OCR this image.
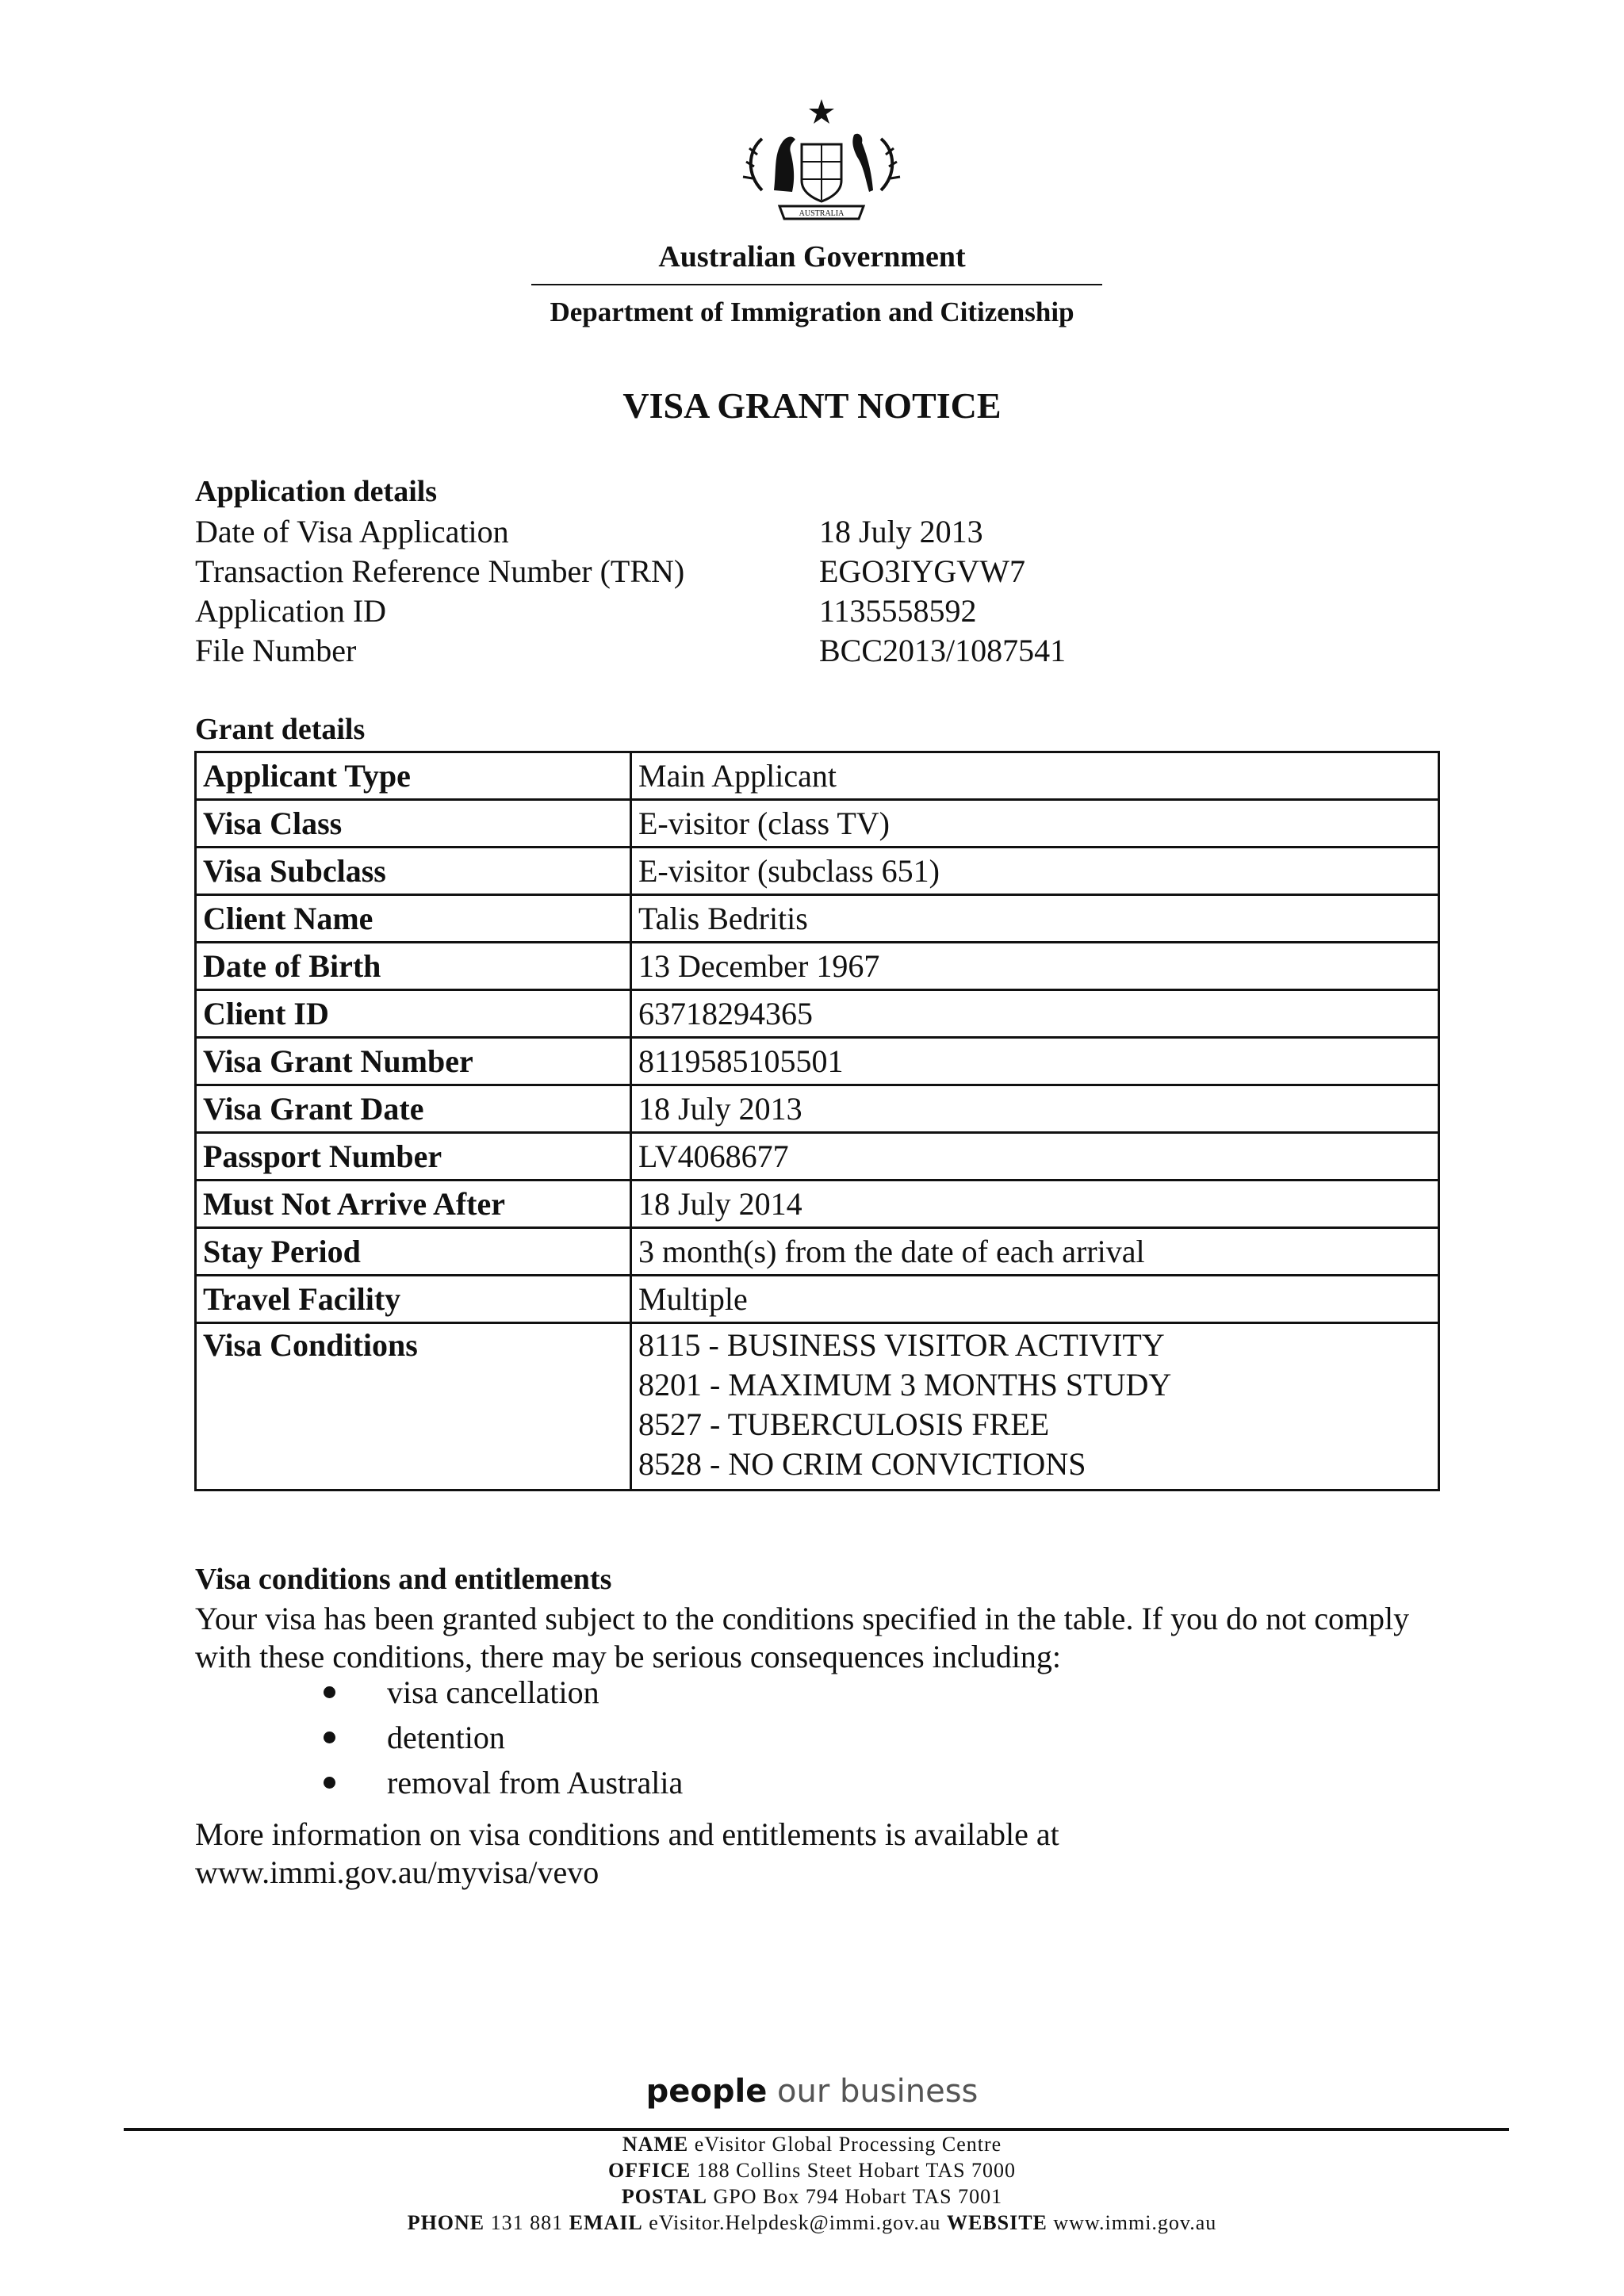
AUSTRALIA
Australian Government
Department of Immigration and Citizenship
VISA GRANT NOTICE
Application details
Date of Visa Application	18 July 2013
Transaction Reference Number (TRN)	EGO3IYGVW7
Application ID	1135558592
File Number	BCC2013/1087541
Grant details
Applicant Type	Main Applicant
Visa Class	E-visitor (class TV)
Visa Subclass	E-visitor (subclass 651)
Client Name	Talis Bedritis
Date of Birth	13 December 1967
Client ID	63718294365
Visa Grant Number	8119585105501
Visa Grant Date	18 July 2013
Passport Number	LV4068677
Must Not Arrive After	18 July 2014
Stay Period	3 month(s) from the date of each arrival
Travel Facility	Multiple
Visa Conditions	8115 - BUSINESS VISITOR ACTIVITY
8201 - MAXIMUM 3 MONTHS STUDY
8527 - TUBERCULOSIS FREE
8528 - NO CRIM CONVICTIONS
Visa conditions and entitlements
Your visa has been granted subject to the conditions specified in the table. If you do not comply
with these conditions, there may be serious consequences including:
visa cancellation
detention
removal from Australia
More information on visa conditions and entitlements is available at
www.immi.gov.au/myvisa/vevo
people our business
NAME eVisitor Global Processing Centre
OFFICE 188 Collins Steet Hobart TAS 7000
POSTAL GPO Box 794 Hobart TAS 7001
PHONE 131 881 EMAIL eVisitor.Helpdesk@immi.gov.au WEBSITE www.immi.gov.au
